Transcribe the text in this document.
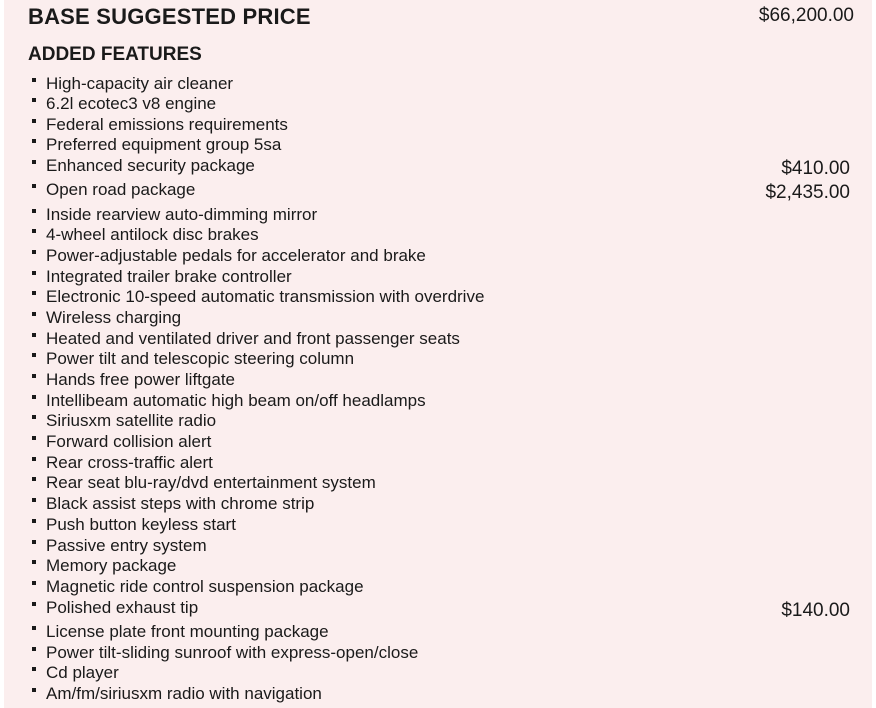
BASE SUGGESTED PRICE	$66,200.00
ADDED FEATURES
High-capacity air cleaner
6.2l ecotec3 v8 engine
Federal emissions requirements
Preferred equipment group 5sa
Enhanced security package	$410.00
Open road package	$2,435.00
Inside rearview auto-dimming mirror
4-wheel antilock disc brakes
Power-adjustable pedals for accelerator and brake
Integrated trailer brake controller
Electronic 10-speed automatic transmission with overdrive
Wireless charging
Heated and ventilated driver and front passenger seats
Power tilt and telescopic steering column
Hands free power liftgate
Intellibeam automatic high beam on/off headlamps
Siriusxm satellite radio
Forward collision alert
Rear cross-traffic alert
Rear seat blu-ray/dvd entertainment system
Black assist steps with chrome strip
Push button keyless start
Passive entry system
Memory package
Magnetic ride control suspension package
Polished exhaust tip	$140.00
License plate front mounting package
Power tilt-sliding sunroof with express-open/close
Cd player
Am/fm/siriusxm radio with navigation
